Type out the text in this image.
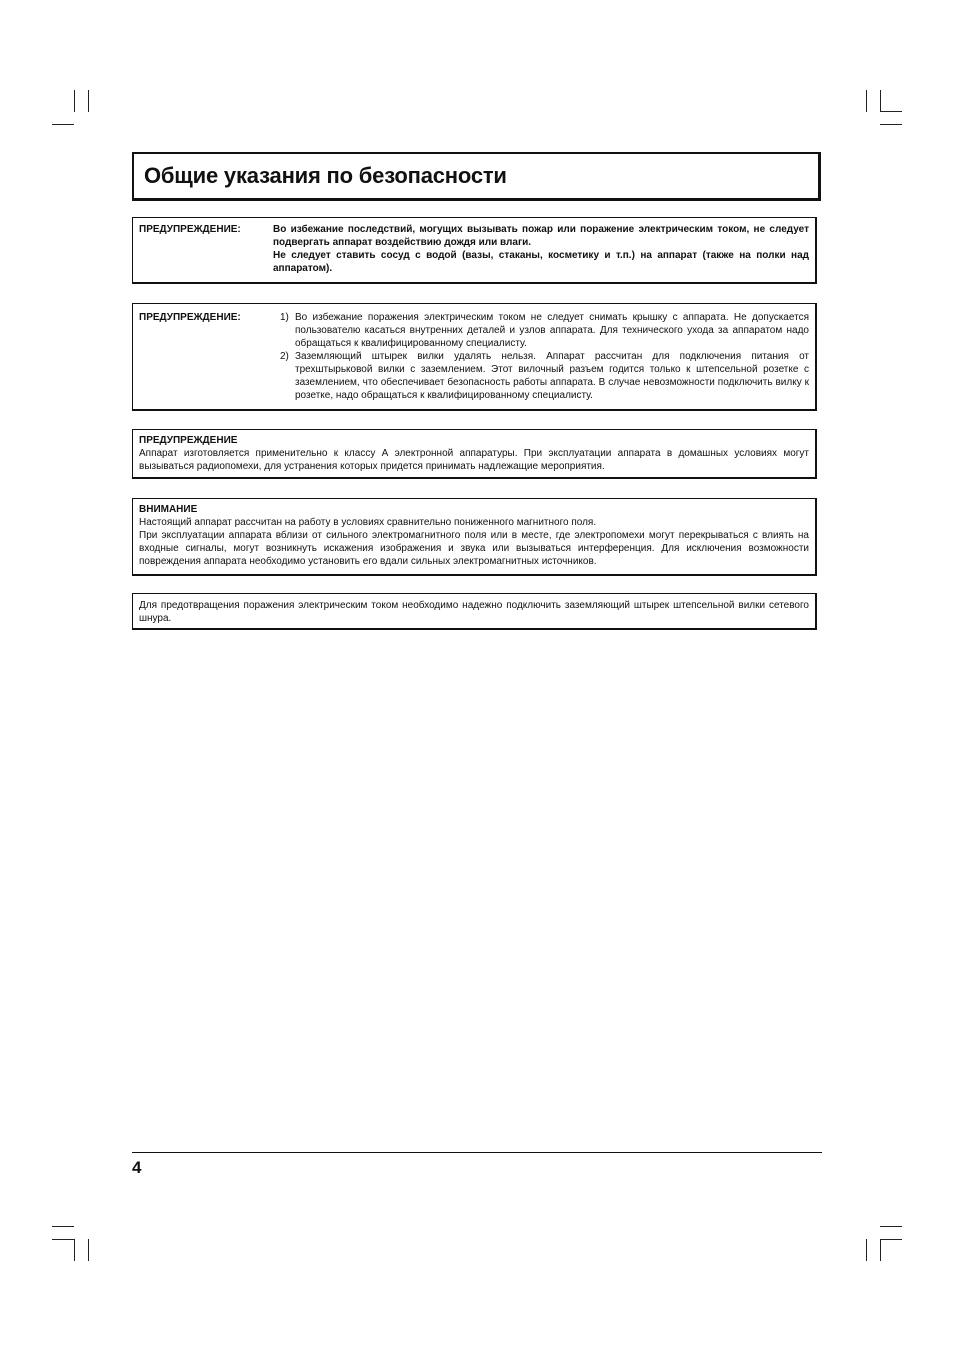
Общие указания по безопасности
ПРЕДУПРЕЖДЕНИЕ:	Во избежание последствий, могущих вызывать пожар или поражение электрическим током, не следует подвергать аппарат воздействию дождя или влаги.
Не следует ставить сосуд с водой (вазы, стаканы, косметику и т.п.) на аппарат (также на полки над аппаратом).
ПРЕДУПРЕЖДЕНИЕ:	1) Во избежание поражения электрическим током не следует снимать крышку с аппарата. Не допускается пользователю касаться внутренних деталей и узлов аппарата. Для технического ухода за аппаратом надо обращаться к квалифицированному специалисту.
2) Заземляющий штырек вилки удалять нельзя. Аппарат рассчитан для подключения питания от трехштырьковой вилки с заземлением. Этот вилочный разъем годится только к штепсельной розетке с заземлением, что обеспечивает безопасность работы аппарата. В случае невозможности подключить вилку к розетке, надо обращаться к квалифицированному специалисту.
ПРЕДУПРЕЖДЕНИЕ
Аппарат изготовляется применительно к классу А электронной аппаратуры. При эксплуатации аппарата в домашных условиях могут вызываться радиопомехи, для устранения которых придется принимать надлежащие мероприятия.
ВНИМАНИЕ
Настоящий аппарат рассчитан на работу в условиях сравнительно пониженного магнитного поля.
При эксплуатации аппарата вблизи от сильного электромагнитного поля или в месте, где электропомехи могут перекрываться с влиять на входные сигналы, могут возникнуть искажения изображения и звука или вызываться интерференция. Для исключения возможности повреждения аппарата необходимо установить его вдали сильных электромагнитных источников.
Для предотвращения поражения электрическим током необходимо надежно подключить заземляющий штырек штепсельной вилки сетевого шнура.
4
